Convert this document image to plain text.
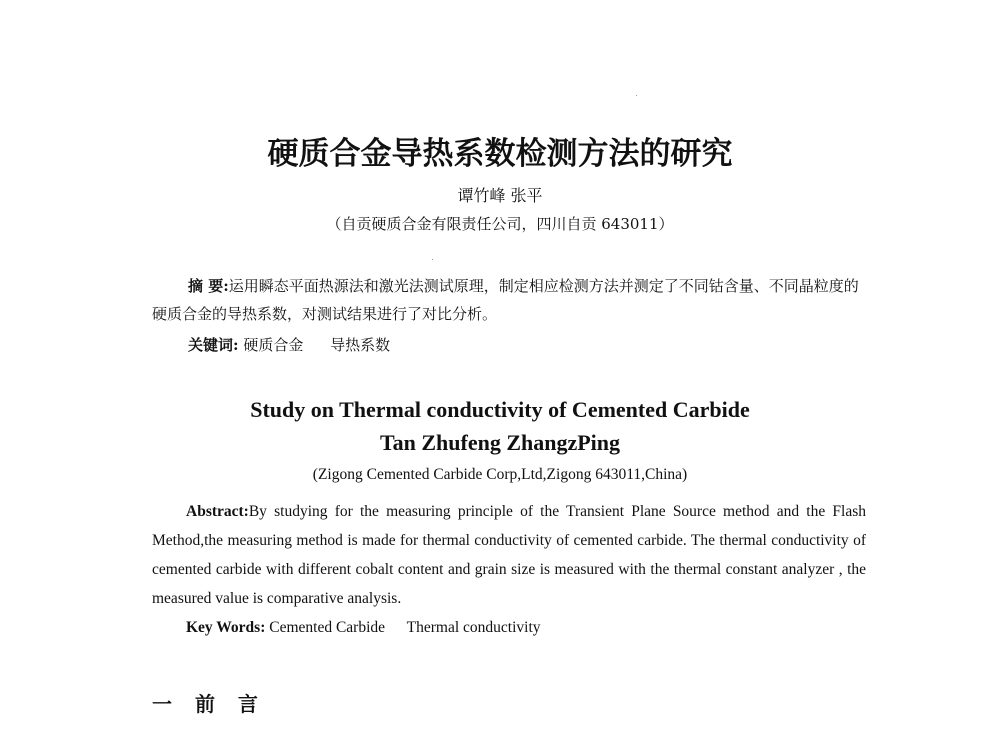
硬质合金导热系数检测方法的研究
谭竹峰 张平
（自贡硬质合金有限责任公司，四川自贡 643011）
摘 要:运用瞬态平面热源法和激光法测试原理，制定相应检测方法并测定了不同钴含量、不同晶粒度的硬质合金的导热系数，对测试结果进行了对比分析。
关键词: 硬质合金 导热系数
Study on Thermal conductivity of Cemented Carbide
Tan Zhufeng ZhangzPing
(Zigong Cemented Carbide Corp,Ltd,Zigong 643011,China)
Abstract:By studying for the measuring principle of the Transient Plane Source method and the Flash Method,the measuring method is made for thermal conductivity of cemented carbide. The thermal conductivity of cemented carbide with different cobalt content and grain size is measured with the thermal constant analyzer , the measured value is comparative analysis.
Key Words: Cemented Carbide Thermal conductivity
一 前 言
